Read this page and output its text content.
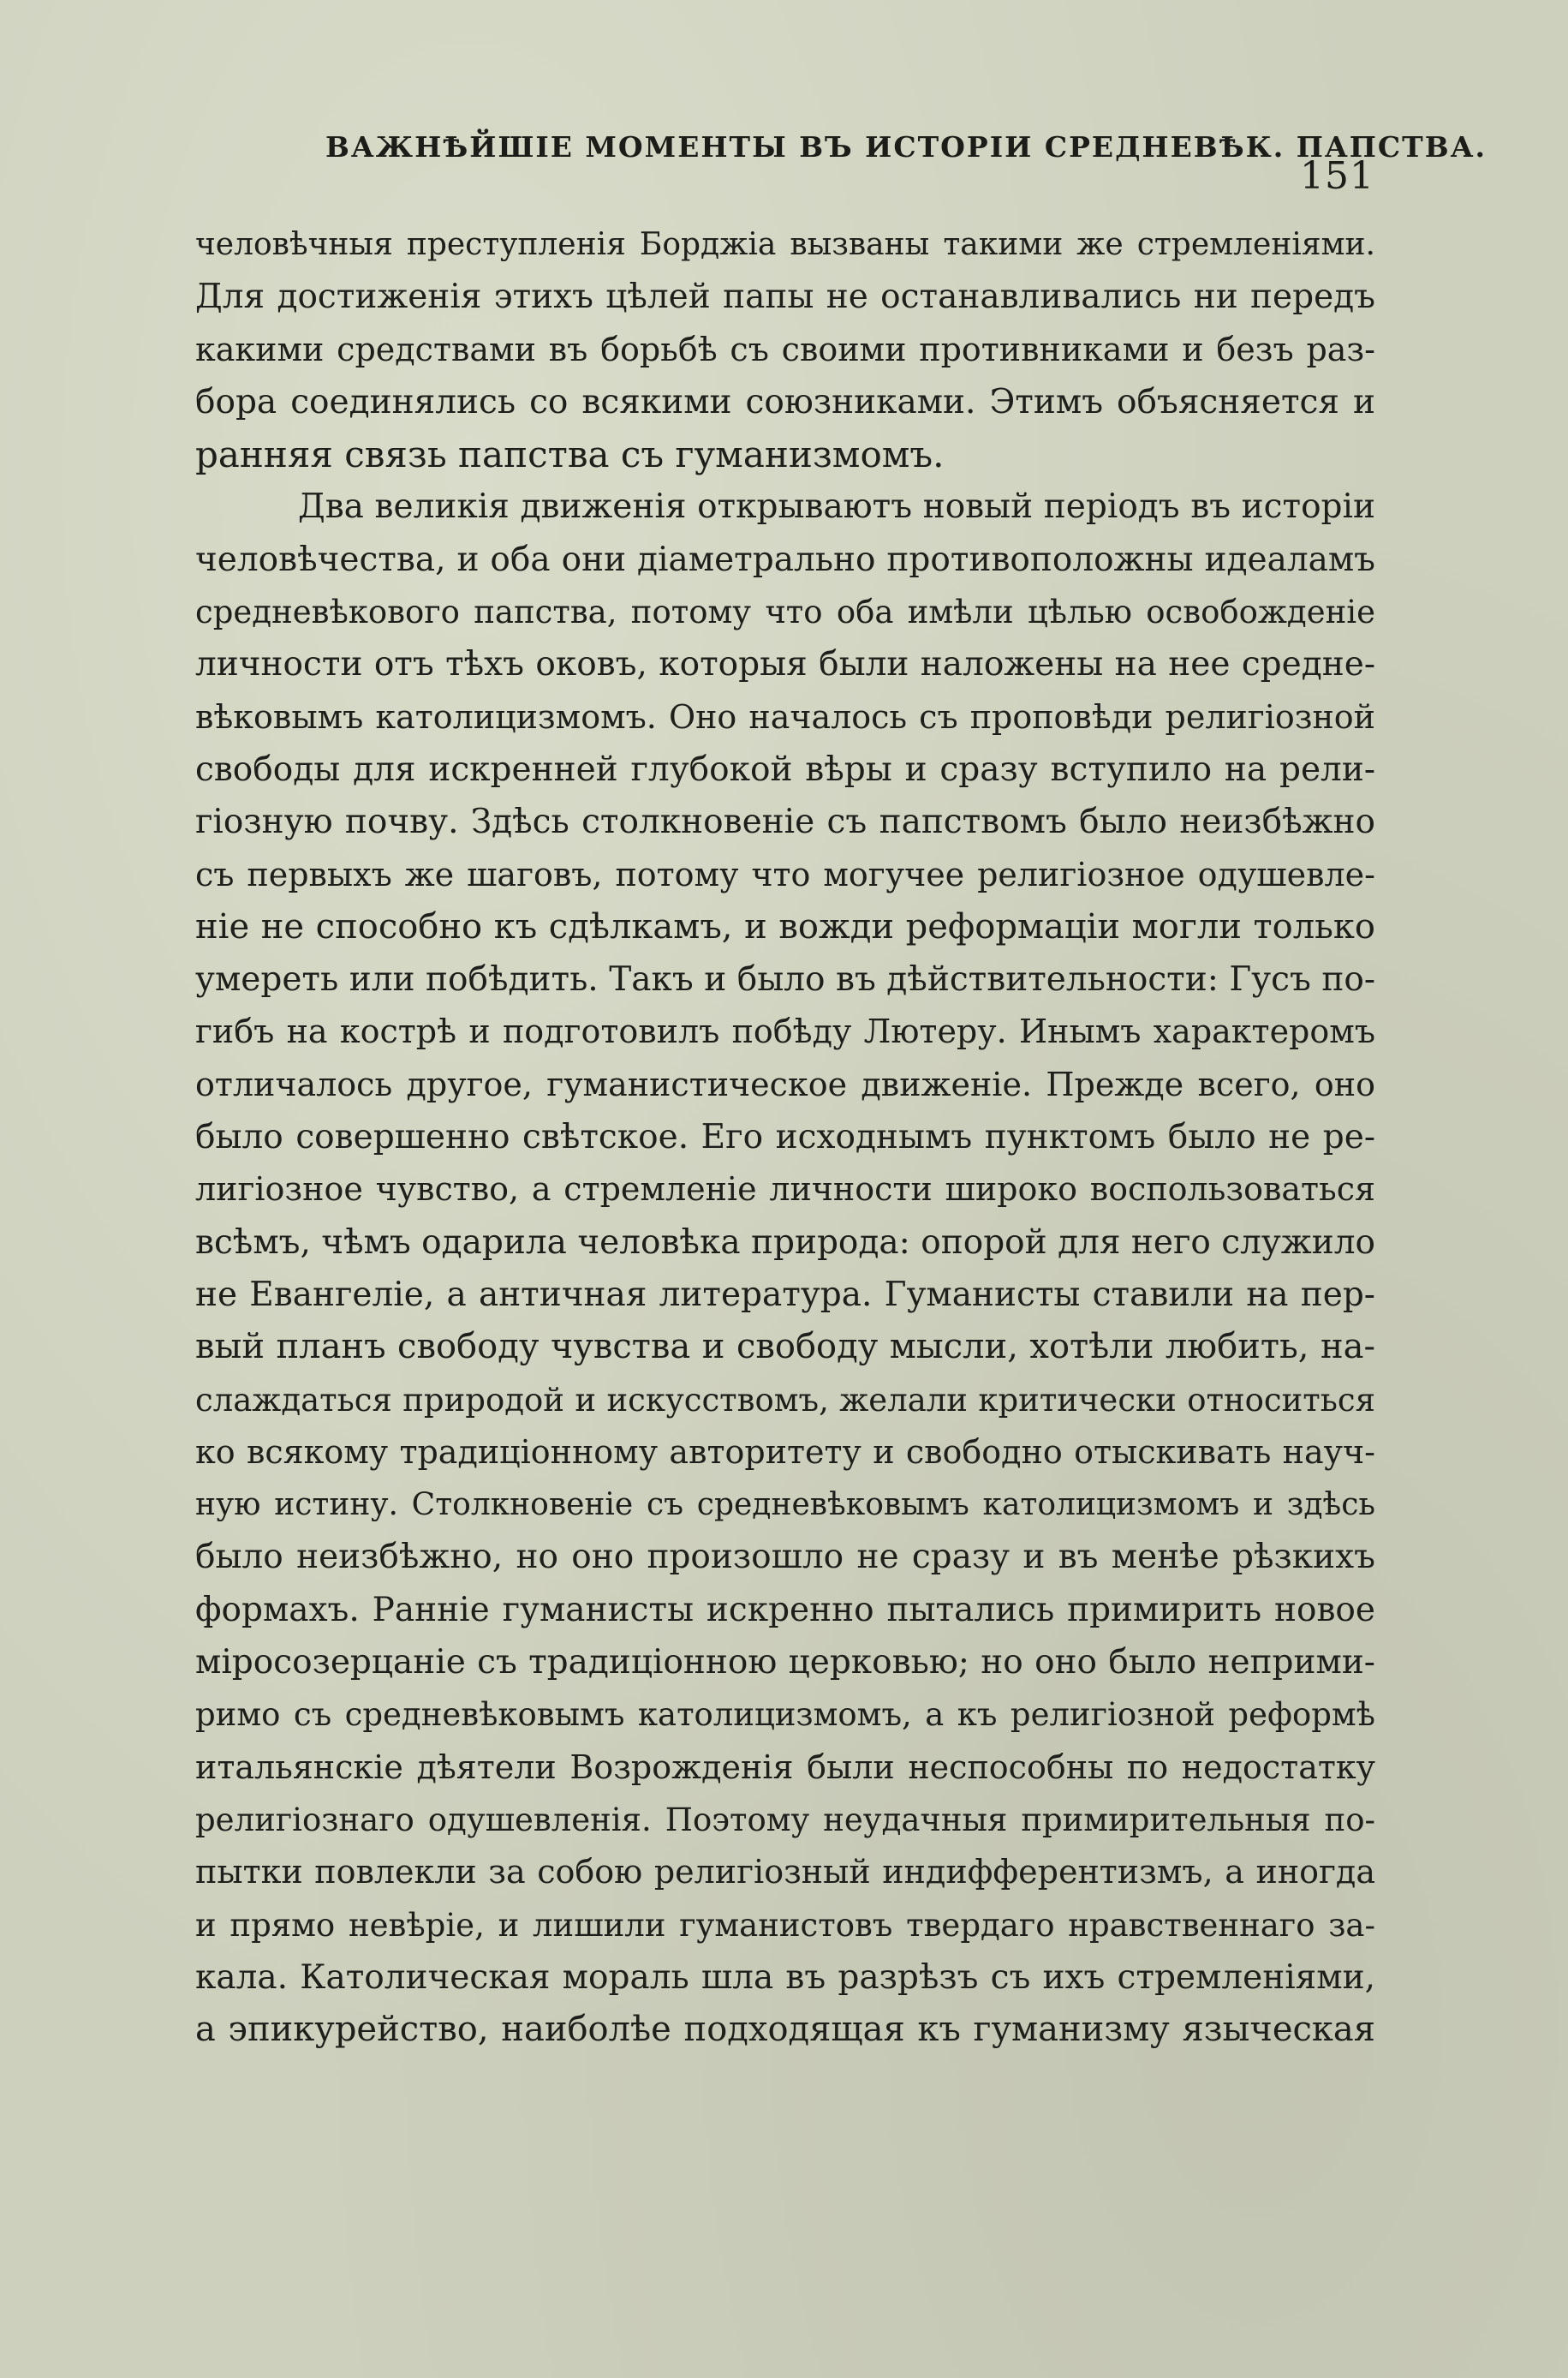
ВАЖНѢЙШІЕ МОМЕНТЫ ВЪ ИСТОРІИ СРЕДНЕВѢК. ПАПСТВА.
151
человѣчныя преступленія Борджіа вызваны такими же стремленіями.
Для достиженія этихъ цѣлей папы не останавливались ни передъ
какими средствами въ борьбѣ съ своими противниками и безъ раз-
бора соединялись со всякими союзниками. Этимъ объясняется и
ранняя связь папства съ гуманизмомъ.
Два великія движенія открываютъ новый періодъ въ исторіи
человѣчества, и оба они діаметрально противоположны идеаламъ
средневѣкового папства, потому что оба имѣли цѣлью освобожденіе
личности отъ тѣхъ оковъ, которыя были наложены на нее средне-
вѣковымъ католицизмомъ. Оно началось съ проповѣди религіозной
свободы для искренней глубокой вѣры и сразу вступило на рели-
гіозную почву. Здѣсь столкновеніе съ папствомъ было неизбѣжно
съ первыхъ же шаговъ, потому что могучее религіозное одушевле-
ніе не способно къ сдѣлкамъ, и вожди реформаціи могли только
умереть или побѣдить. Такъ и было въ дѣйствительности: Гусъ по-
гибъ на кострѣ и подготовилъ побѣду Лютеру. Инымъ характеромъ
отличалось другое, гуманистическое движеніе. Прежде всего, оно
было совершенно свѣтское. Его исходнымъ пунктомъ было не ре-
лигіозное чувство, а стремленіе личности широко воспользоваться
всѣмъ, чѣмъ одарила человѣка природа: опорой для него служило
не Евангеліе, а античная литература. Гуманисты ставили на пер-
вый планъ свободу чувства и свободу мысли, хотѣли любить, на-
слаждаться природой и искусствомъ, желали критически относиться
ко всякому традиціонному авторитету и свободно отыскивать науч-
ную истину. Столкновеніе съ средневѣковымъ католицизмомъ и здѣсь
было неизбѣжно, но оно произошло не сразу и въ менѣе рѣзкихъ
формахъ. Ранніе гуманисты искренно пытались примирить новое
міросозерцаніе съ традиціонною церковью; но оно было неприми-
римо съ средневѣковымъ католицизмомъ, а къ религіозной реформѣ
итальянскіе дѣятели Возрожденія были неспособны по недостатку
религіознаго одушевленія. Поэтому неудачныя примирительныя по-
пытки повлекли за собою религіозный индифферентизмъ, а иногда
и прямо невѣріе, и лишили гуманистовъ твердаго нравственнаго за-
кала. Католическая мораль шла въ разрѣзъ съ ихъ стремленіями,
а эпикурейство, наиболѣе подходящая къ гуманизму языческая
